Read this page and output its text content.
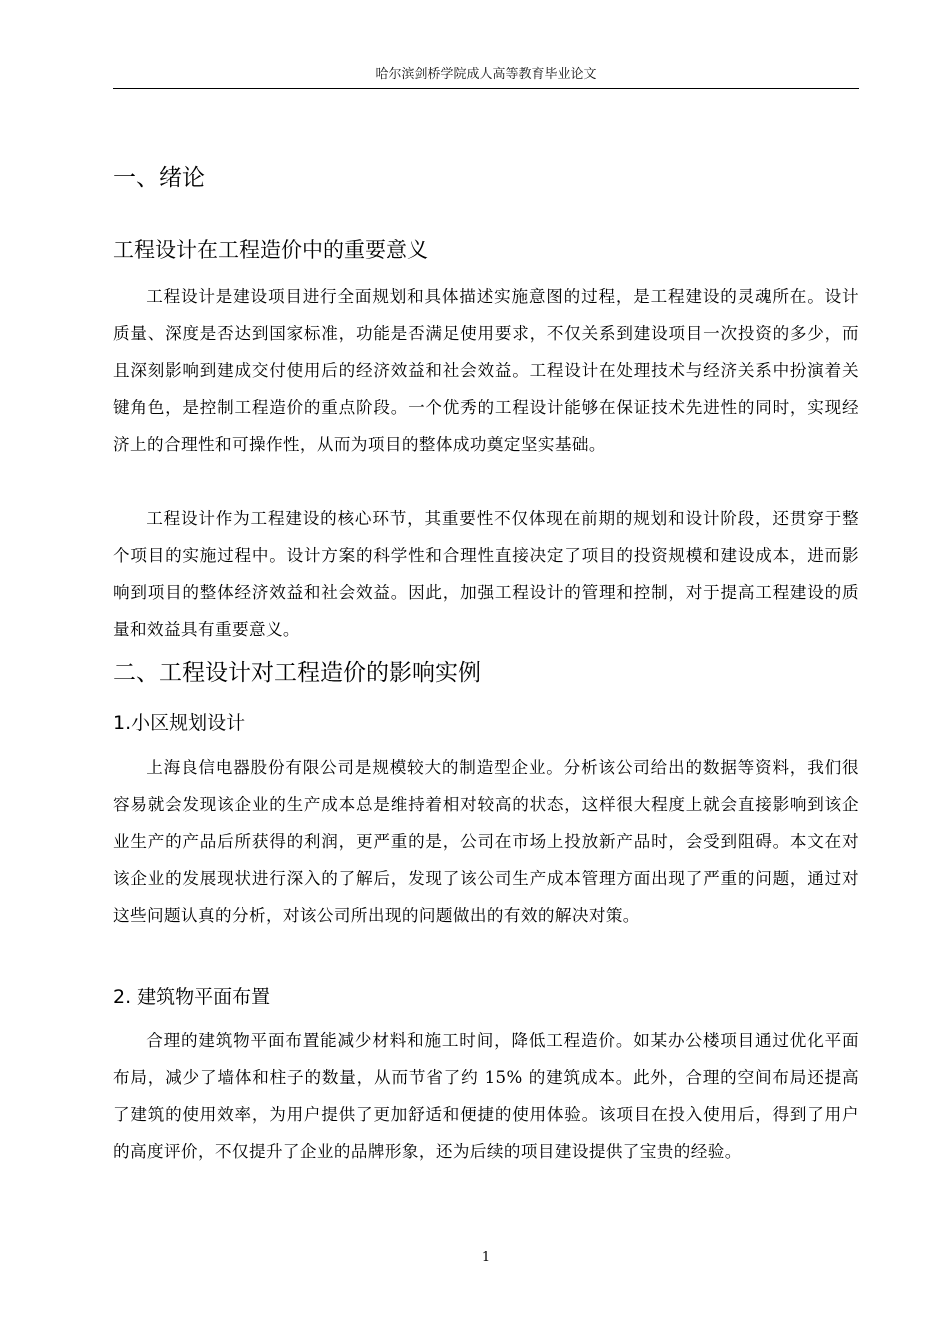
哈尔滨剑桥学院成人高等教育毕业论文
一、绪论
工程设计在工程造价中的重要意义

工程设计是建设项目进行全面规划和具体描述实施意图的过程，是工程建设的灵魂所在。设计质量、深度是否达到国家标准，功能是否满足使用要求，不仅关系到建设项目一次投资的多少，而且深刻影响到建成交付使用后的经济效益和社会效益。工程设计在处理技术与经济关系中扮演着关键角色，是控制工程造价的重点阶段。一个优秀的工程设计能够在保证技术先进性的同时，实现经济上的合理性和可操作性，从而为项目的整体成功奠定坚实基础。

工程设计作为工程建设的核心环节，其重要性不仅体现在前期的规划和设计阶段，还贯穿于整个项目的实施过程中。设计方案的科学性和合理性直接决定了项目的投资规模和建设成本，进而影响到项目的整体经济效益和社会效益。因此，加强工程设计的管理和控制，对于提高工程建设的质量和效益具有重要意义。

二、工程设计对工程造价的影响实例
1.小区规划设计

上海良信电器股份有限公司是规模较大的制造型企业。分析该公司给出的数据等资料，我们很容易就会发现该企业的生产成本总是维持着相对较高的状态，这样很大程度上就会直接影响到该企业生产的产品后所获得的利润，更严重的是，公司在市场上投放新产品时，会受到阻碍。本文在对该企业的发展现状进行深入的了解后，发现了该公司生产成本管理方面出现了严重的问题，通过对这些问题认真的分析，对该公司所出现的问题做出的有效的解决对策。

2. 建筑物平面布置

合理的建筑物平面布置能减少材料和施工时间，降低工程造价。如某办公楼项目通过优化平面布局，减少了墙体和柱子的数量，从而节省了约 15% 的建筑成本。此外，合理的空间布局还提高了建筑的使用效率，为用户提供了更加舒适和便捷的使用体验。该项目在投入使用后，得到了用户的高度评价，不仅提升了企业的品牌形象，还为后续的项目建设提供了宝贵的经验。

1
